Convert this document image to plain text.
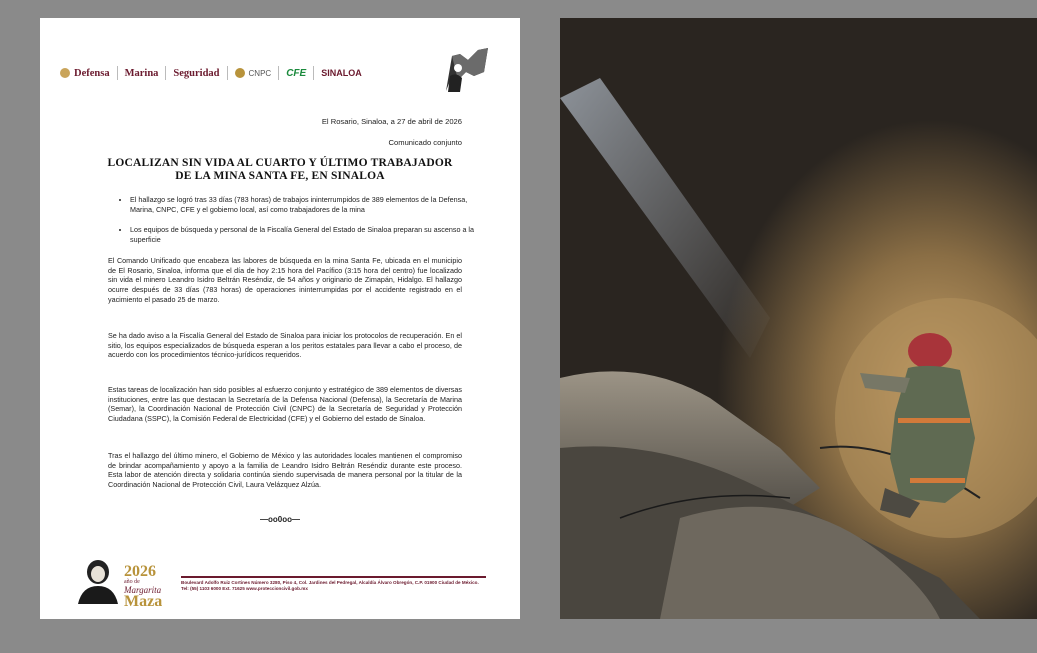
Defensa Marina Seguridad	CNPC CFE SINALOA
El Rosario, Sinaloa, a 27 de abril de 2026
Comunicado conjunto
LOCALIZAN SIN VIDA AL CUARTO Y ÚLTIMO TRABAJADOR DE LA MINA SANTA FE, EN SINALOA
• El hallazgo se logró tras 33 días (783 horas) de trabajos ininterrumpidos de 389 elementos de la Defensa, Marina, CNPC, CFE y el gobierno local, así como trabajadores de la mina
• Los equipos de búsqueda y personal de la Fiscalía General del Estado de Sinaloa preparan su ascenso a la superficie

El Comando Unificado que encabeza las labores de búsqueda en la mina Santa Fe, ubicada en el municipio de El Rosario, Sinaloa, informa que el día de hoy 2:15 hora del Pacífico (3:15 hora del centro) fue localizado sin vida el minero Leandro Isidro Beltrán Reséndiz, de 54 años y originario de Zimapán, Hidalgo. El hallazgo ocurre después de 33 días (783 horas) de operaciones ininterrumpidas por el accidente registrado en el yacimiento el pasado 25 de marzo.

Se ha dado aviso a la Fiscalía General del Estado de Sinaloa para iniciar los protocolos de recuperación. En el sitio, los equipos especializados de búsqueda esperan a los peritos estatales para llevar a cabo el proceso, de acuerdo con los procedimientos técnico-jurídicos requeridos.

Estas tareas de localización han sido posibles al esfuerzo conjunto y estratégico de 389 elementos de diversas instituciones, entre las que destacan la Secretaría de la Defensa Nacional (Defensa), la Secretaría de Marina (Semar), la Coordinación Nacional de Protección Civil (CNPC) de la Secretaría de Seguridad y Protección Ciudadana (SSPC), la Comisión Federal de Electricidad (CFE) y el Gobierno del estado de Sinaloa.

Tras el hallazgo del último minero, el Gobierno de México y las autoridades locales mantienen el compromiso de brindar acompañamiento y apoyo a la familia de Leandro Isidro Beltrán Reséndiz durante este proceso. Esta labor de atención directa y solidaria continúa siendo supervisada de manera personal por la titular de la Coordinación Nacional de Protección Civil, Laura Velázquez Alzúa.

—oo0oo—
2026
año de
Margarita
Maza
Boulevard Adolfo Ruiz Cortines Número 3280, Piso 4, Col. Jardines del Pedregal, Alcaldía Álvaro Obregón, C.P. 01900 Ciudad de México. Tel: (55) 1103 6000 Ext. 71625 www.proteccioncivil.gob.mx
